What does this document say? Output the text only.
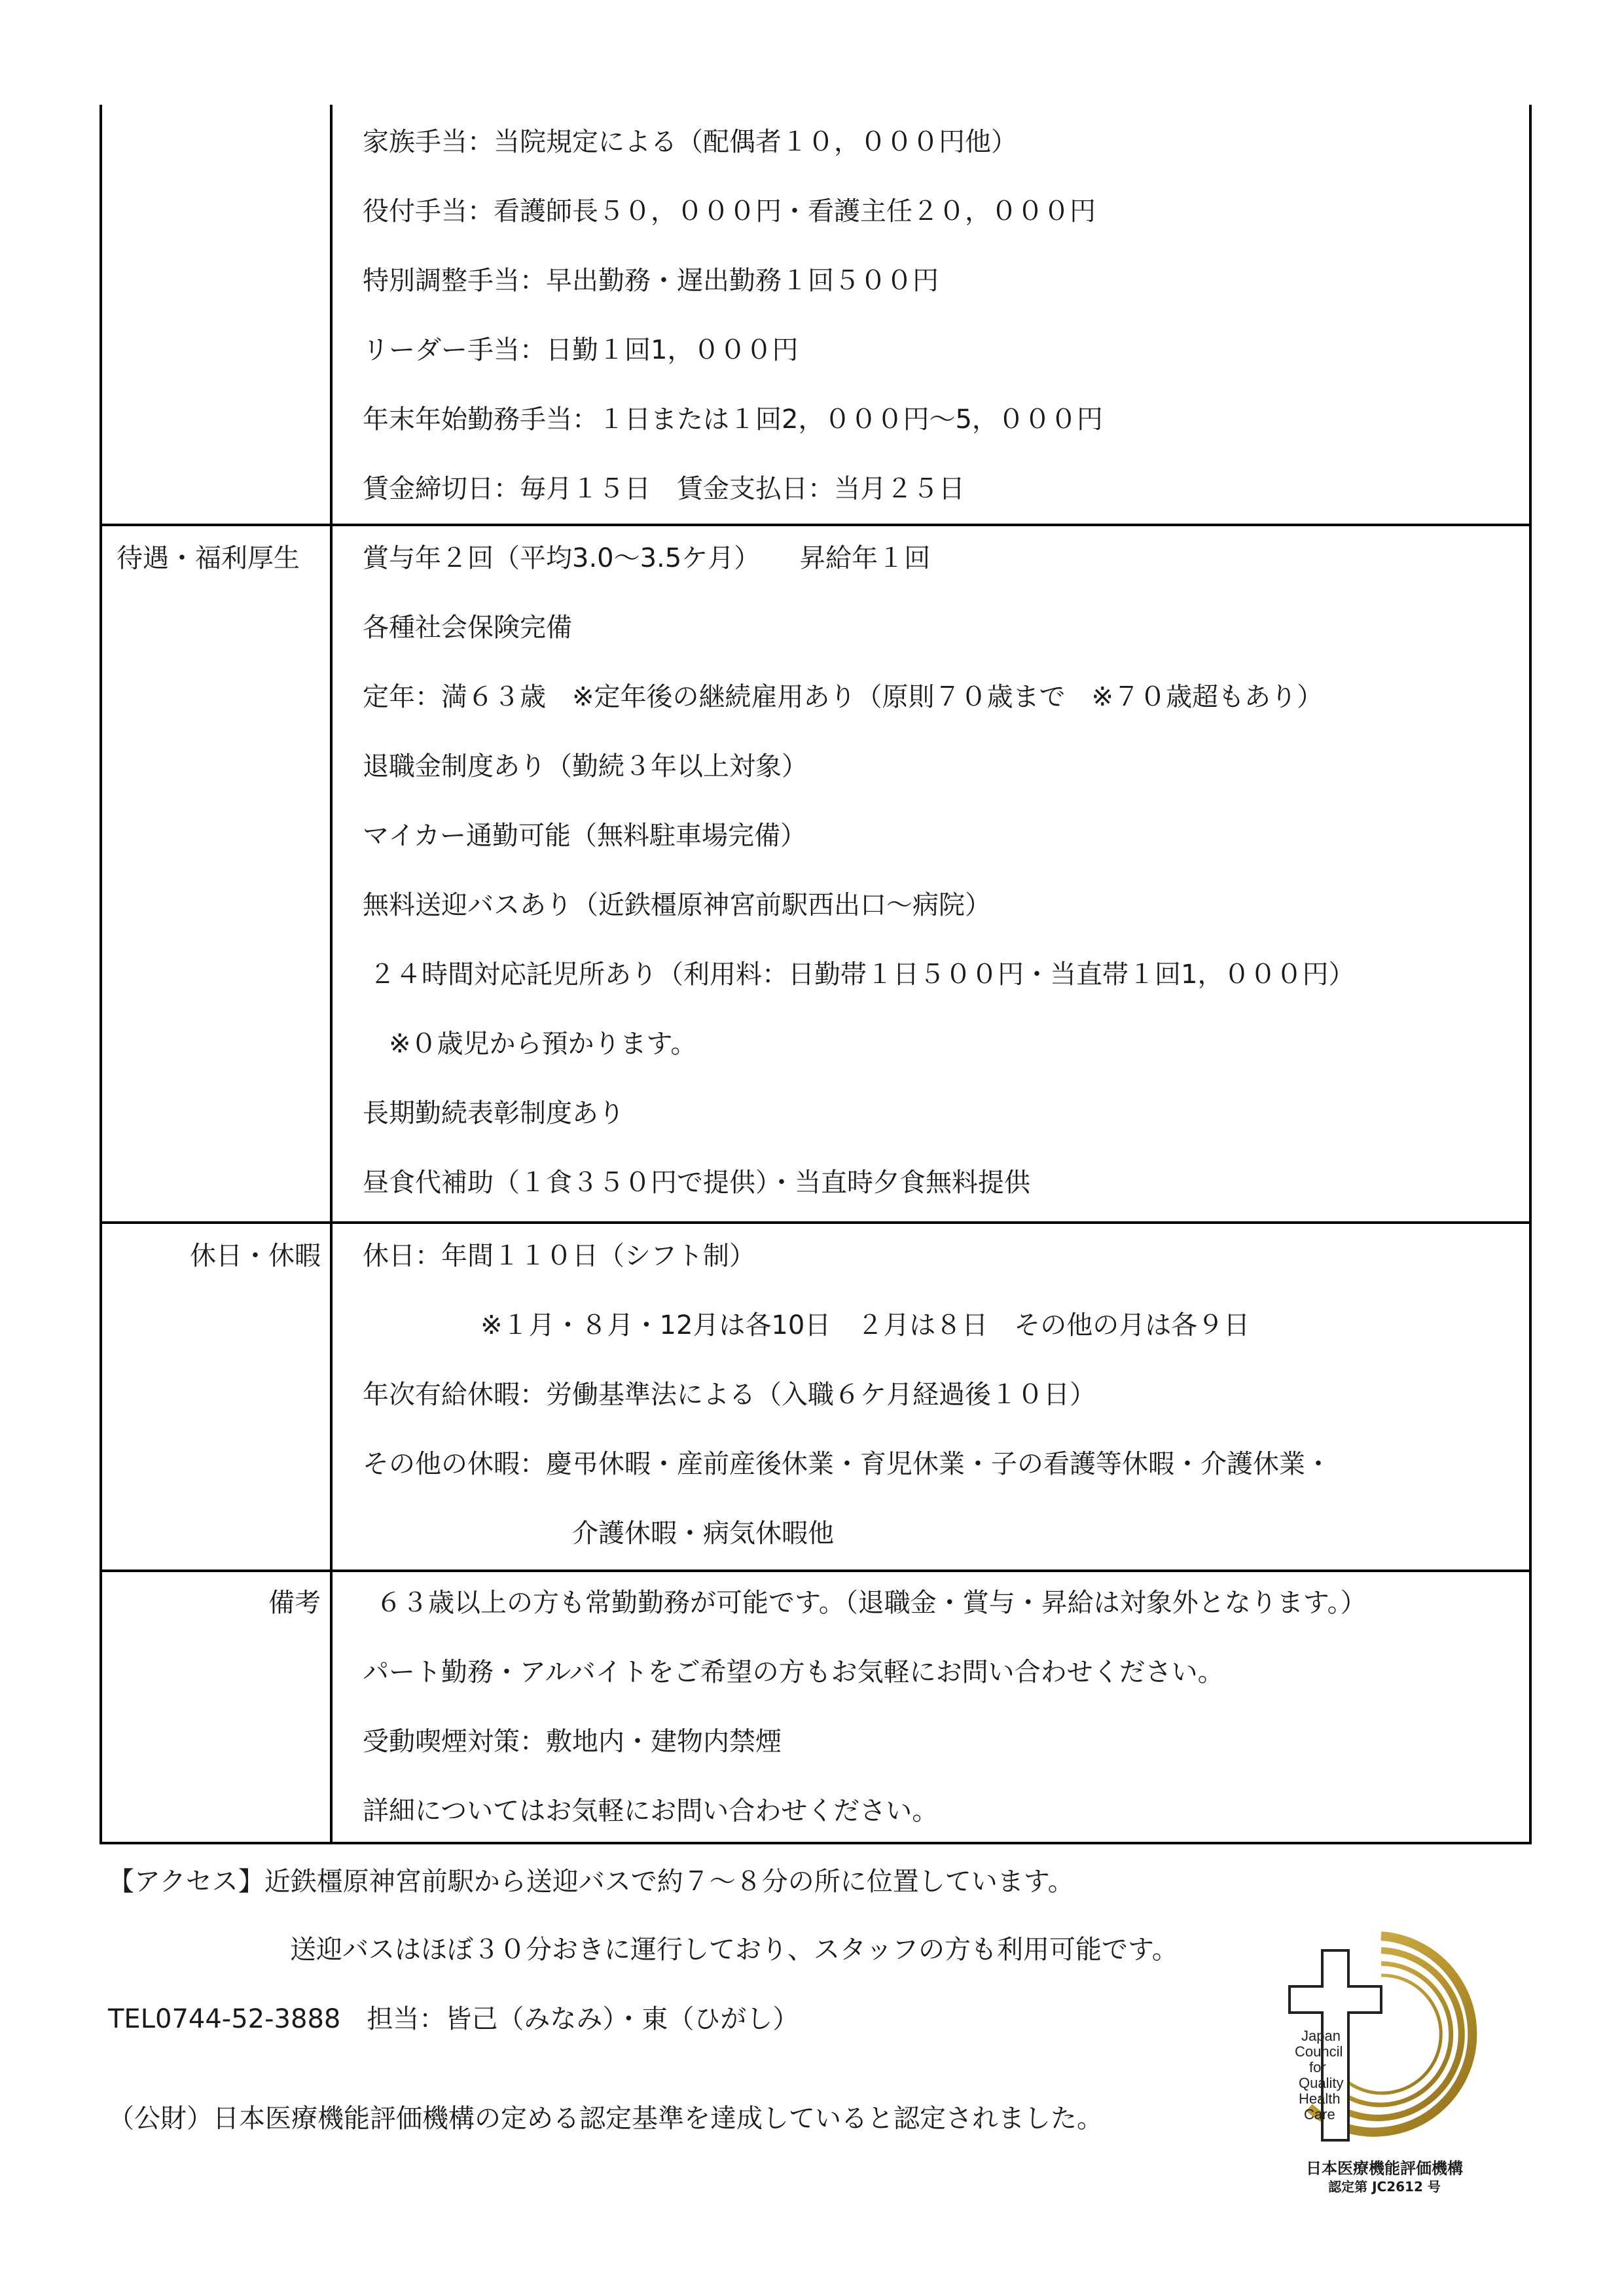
家族手当：当院規定による（配偶者１０，０００円他）
役付手当：看護師長５０，０００円・看護主任２０，０００円
特別調整手当：早出勤務・遅出勤務１回５００円
リーダー手当：日勤１回1，０００円
年末年始勤務手当：１日または１回2，０００円～5，０００円
賃金締切日：毎月１５日　賃金支払日：当月２５日
待遇・福利厚生 賞与年２回（平均3.0～3.5ケ月）　　昇給年１回
各種社会保険完備
定年：満６３歳　※定年後の継続雇用あり（原則７０歳まで　※７０歳超もあり）
退職金制度あり（勤続３年以上対象）
マイカー通勤可能（無料駐車場完備）
無料送迎バスあり（近鉄橿原神宮前駅西出口～病院）
２４時間対応託児所あり（利用料：日勤帯１日５００円・当直帯１回1，０００円）
※０歳児から預かります。
長期勤続表彰制度あり
昼食代補助（１食３５０円で提供）・当直時夕食無料提供
休日・休暇 休日：年間１１０日（シフト制）
※１月・８月・12月は各10日　２月は８日　その他の月は各９日
年次有給休暇：労働基準法による（入職６ケ月経過後１０日）
その他の休暇：慶弔休暇・産前産後休業・育児休業・子の看護等休暇・介護休業・
介護休暇・病気休暇他
備考 ６３歳以上の方も常勤勤務が可能です。（退職金・賞与・昇給は対象外となります。）
パート勤務・アルバイトをご希望の方もお気軽にお問い合わせください。
受動喫煙対策：敷地内・建物内禁煙
詳細についてはお気軽にお問い合わせください。
【アクセス】近鉄橿原神宮前駅から送迎バスで約７～８分の所に位置しています。
送迎バスはほぼ３０分おきに運行しており、スタッフの方も利用可能です。
TEL0744-52-3888　担当：皆己（みなみ）・東（ひがし）
（公財）日本医療機能評価機構の定める認定基準を達成していると認定されました。
Japan
Council
for
Quality
Health
Care
日本医療機能評価機構
認定第 JC2612 号
